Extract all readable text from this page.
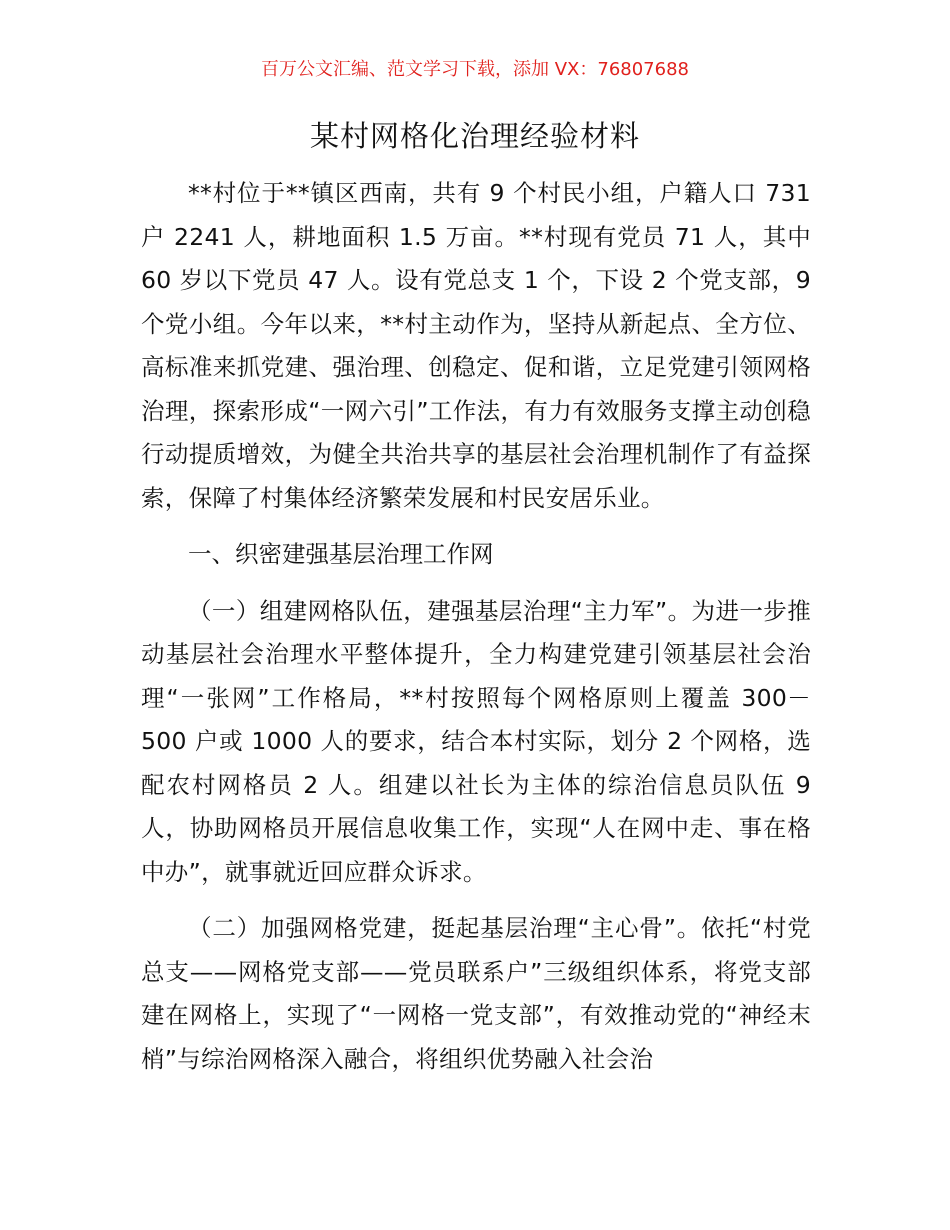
百万公文汇编、范文学习下载，添加 VX：76807688
某村网格化治理经验材料

**村位于**镇区西南，共有 9 个村民小组，户籍人口 731 户 2241 人，耕地面积 1.5 万亩。**村现有党员 71 人，其中 60 岁以下党员 47 人。设有党总支 1 个，下设 2 个党支部，9 个党小组。今年以来，**村主动作为，坚持从新起点、全方位、高标准来抓党建、强治理、创稳定、促和谐，立足党建引领网格治理，探索形成“一网六引”工作法，有力有效服务支撑主动创稳行动提质增效，为健全共治共享的基层社会治理机制作了有益探索，保障了村集体经济繁荣发展和村民安居乐业。

一、织密建强基层治理工作网

（一）组建网格队伍，建强基层治理“主力军”。为进一步推动基层社会治理水平整体提升，全力构建党建引领基层社会治理“一张网”工作格局，**村按照每个网格原则上覆盖 300－500 户或 1000 人的要求，结合本村实际，划分 2 个网格，选配农村网格员 2 人。组建以社长为主体的综治信息员队伍 9 人，协助网格员开展信息收集工作，实现“人在网中走、事在格中办”，就事就近回应群众诉求。

（二）加强网格党建，挺起基层治理“主心骨”。依托“村党总支——网格党支部——党员联系户”三级组织体系，将党支部建在网格上，实现了“一网格一党支部”，有效推动党的“神经末梢”与综治网格深入融合，将组织优势融入社会治
